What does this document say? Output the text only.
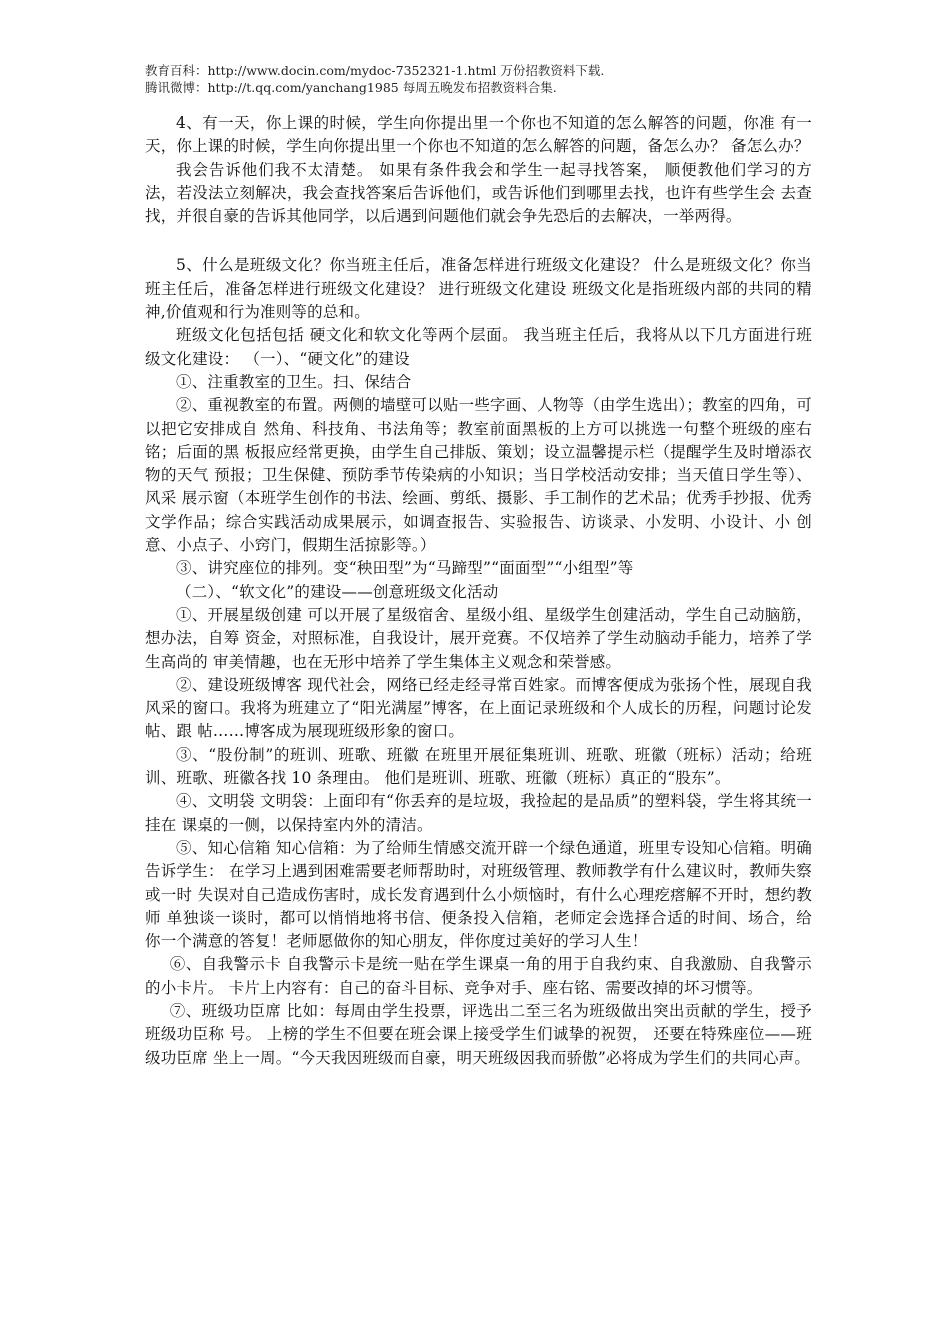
教育百科：http://www.docin.com/mydoc-7352321-1.html 万份招教资料下载.
腾讯微博：http://t.qq.com/yanchang1985 每周五晚发布招教资料合集.

4、有一天，你上课的时候，学生向你提出里一个你也不知道的怎么解答的问题，你准 有一天，你上课的时候，学生向你提出里一个你也不知道的怎么解答的问题，备怎么办？ 备怎么办？

我会告诉他们我不太清楚。 如果有条件我会和学生一起寻找答案， 顺便教他们学习的方 法，若没法立刻解决，我会查找答案后告诉他们，或告诉他们到哪里去找，也许有些学生会 去查找，并很自豪的告诉其他同学，以后遇到问题他们就会争先恐后的去解决，一举两得。

5、什么是班级文化？你当班主任后，准备怎样进行班级文化建设？ 什么是班级文化？你当班主任后，准备怎样进行班级文化建设？ 进行班级文化建设 班级文化是指班级内部的共同的精神,价值观和行为准则等的总和。

班级文化包括包括 硬文化和软文化等两个层面。 我当班主任后，我将从以下几方面进行班级文化建设： （一）、“硬文化”的建设

①、注重教室的卫生。扫、保结合

②、重视教室的布置。两侧的墙壁可以贴一些字画、人物等（由学生选出）；教室的四角，可以把它安排成自 然角、科技角、书法角等；教室前面黑板的上方可以挑选一句整个班级的座右铭；后面的黑 板报应经常更换，由学生自己排版、策划；设立温馨提示栏（提醒学生及时增添衣物的天气 预报；卫生保健、预防季节传染病的小知识；当日学校活动安排；当天值日学生等）、风采 展示窗（本班学生创作的书法、绘画、剪纸、摄影、手工制作的艺术品；优秀手抄报、优秀 文学作品；综合实践活动成果展示，如调查报告、实验报告、访谈录、小发明、小设计、小 创意、小点子、小窍门，假期生活掠影等。）

③、讲究座位的排列。变“秧田型”为“马蹄型”“面面型”“小组型”等

（二）、“软文化”的建设——创意班级文化活动

①、开展星级创建 可以开展了星级宿舍、星级小组、星级学生创建活动，学生自己动脑筋，想办法，自筹 资金，对照标准，自我设计，展开竞赛。不仅培养了学生动脑动手能力，培养了学生高尚的 审美情趣，也在无形中培养了学生集体主义观念和荣誉感。

②、建设班级博客 现代社会，网络已经走经寻常百姓家。而博客便成为张扬个性，展现自我风采的窗口。我将为班建立了“阳光满屋”博客，在上面记录班级和个人成长的历程，问题讨论发帖、跟 帖……博客成为展现班级形象的窗口。

③、“股份制”的班训、班歌、班徽 在班里开展征集班训、班歌、班徽（班标）活动；给班训、班歌、班徽各找 10 条理由。 他们是班训、班歌、班徽（班标）真正的“股东”。

④、文明袋 文明袋：上面印有“你丢弃的是垃圾，我捡起的是品质”的塑料袋，学生将其统一挂在 课桌的一侧，以保持室内外的清洁。

⑤、知心信箱 知心信箱：为了给师生情感交流开辟一个绿色通道，班里专设知心信箱。明确告诉学生： 在学习上遇到困难需要老师帮助时，对班级管理、教师教学有什么建议时，教师失察或一时 失误对自己造成伤害时，成长发育遇到什么小烦恼时，有什么心理疙瘩解不开时，想约教师 单独谈一谈时，都可以悄悄地将书信、便条投入信箱，老师定会选择合适的时间、场合，给 你一个满意的答复！老师愿做你的知心朋友，伴你度过美好的学习人生！

⑥、自我警示卡 自我警示卡是统一贴在学生课桌一角的用于自我约束、自我激励、自我警示的小卡片。 卡片上内容有：自己的奋斗目标、竞争对手、座右铭、需要改掉的坏习惯等。

⑦、班级功臣席 比如：每周由学生投票，评选出二至三名为班级做出突出贡献的学生，授予班级功臣称 号。 上榜的学生不但要在班会课上接受学生们诚挚的祝贺， 还要在特殊座位——班级功臣席 坐上一周。“今天我因班级而自豪，明天班级因我而骄傲”必将成为学生们的共同心声。
